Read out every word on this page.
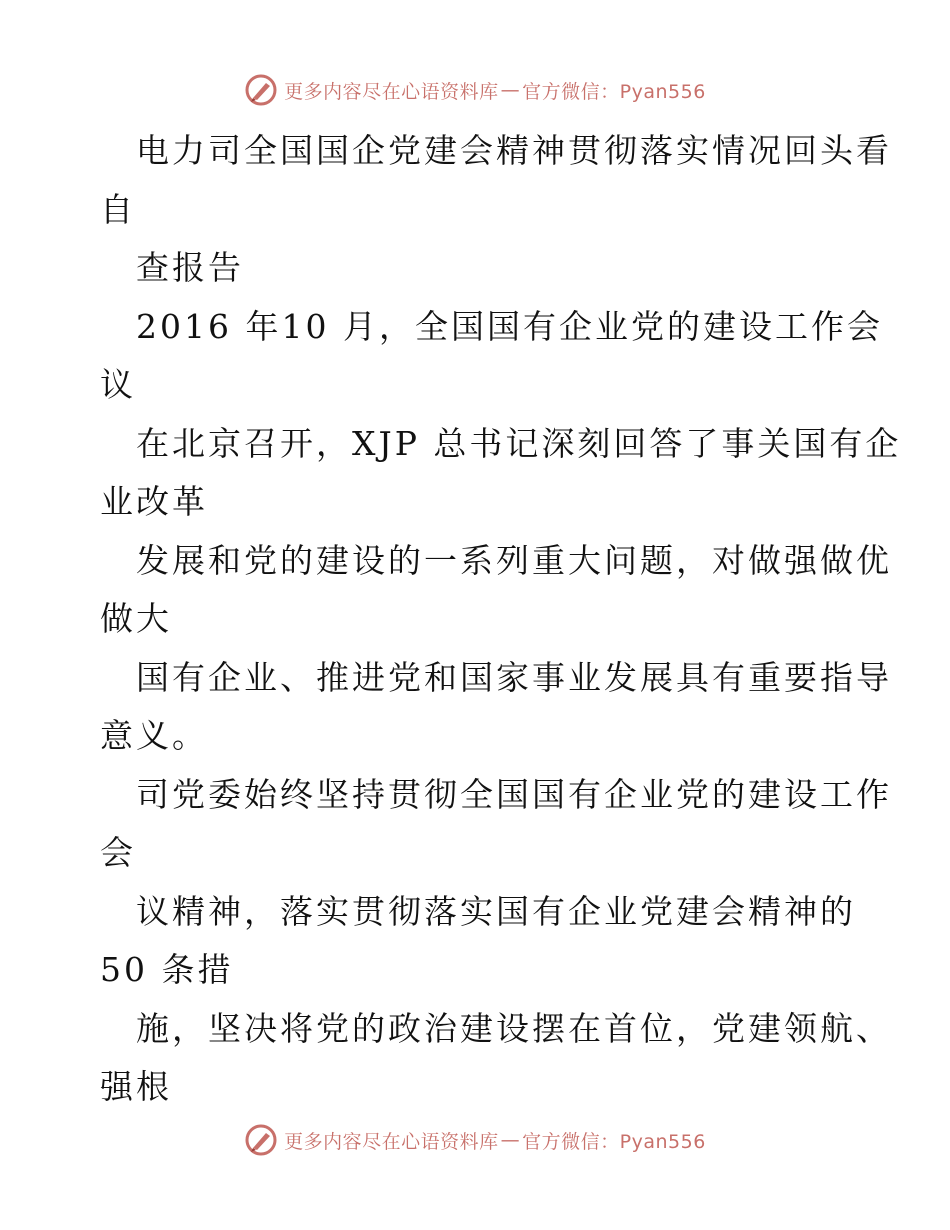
更多内容尽在心语资料库 — 官方微信：Pyan556
电力司全国国企党建会精神贯彻落实情况回头看
自
查报告
2016 年10 月，全国国有企业党的建设工作会
议
在北京召开，XJP 总书记深刻回答了事关国有企
业改革
发展和党的建设的一系列重大问题，对做强做优
做大
国有企业、推进党和国家事业发展具有重要指导
意义。
司党委始终坚持贯彻全国国有企业党的建设工作
会
议精神，落实贯彻落实国有企业党建会精神的
50 条措
施，坚决将党的政治建设摆在首位，党建领航、
强根
更多内容尽在心语资料库 — 官方微信：Pyan556
